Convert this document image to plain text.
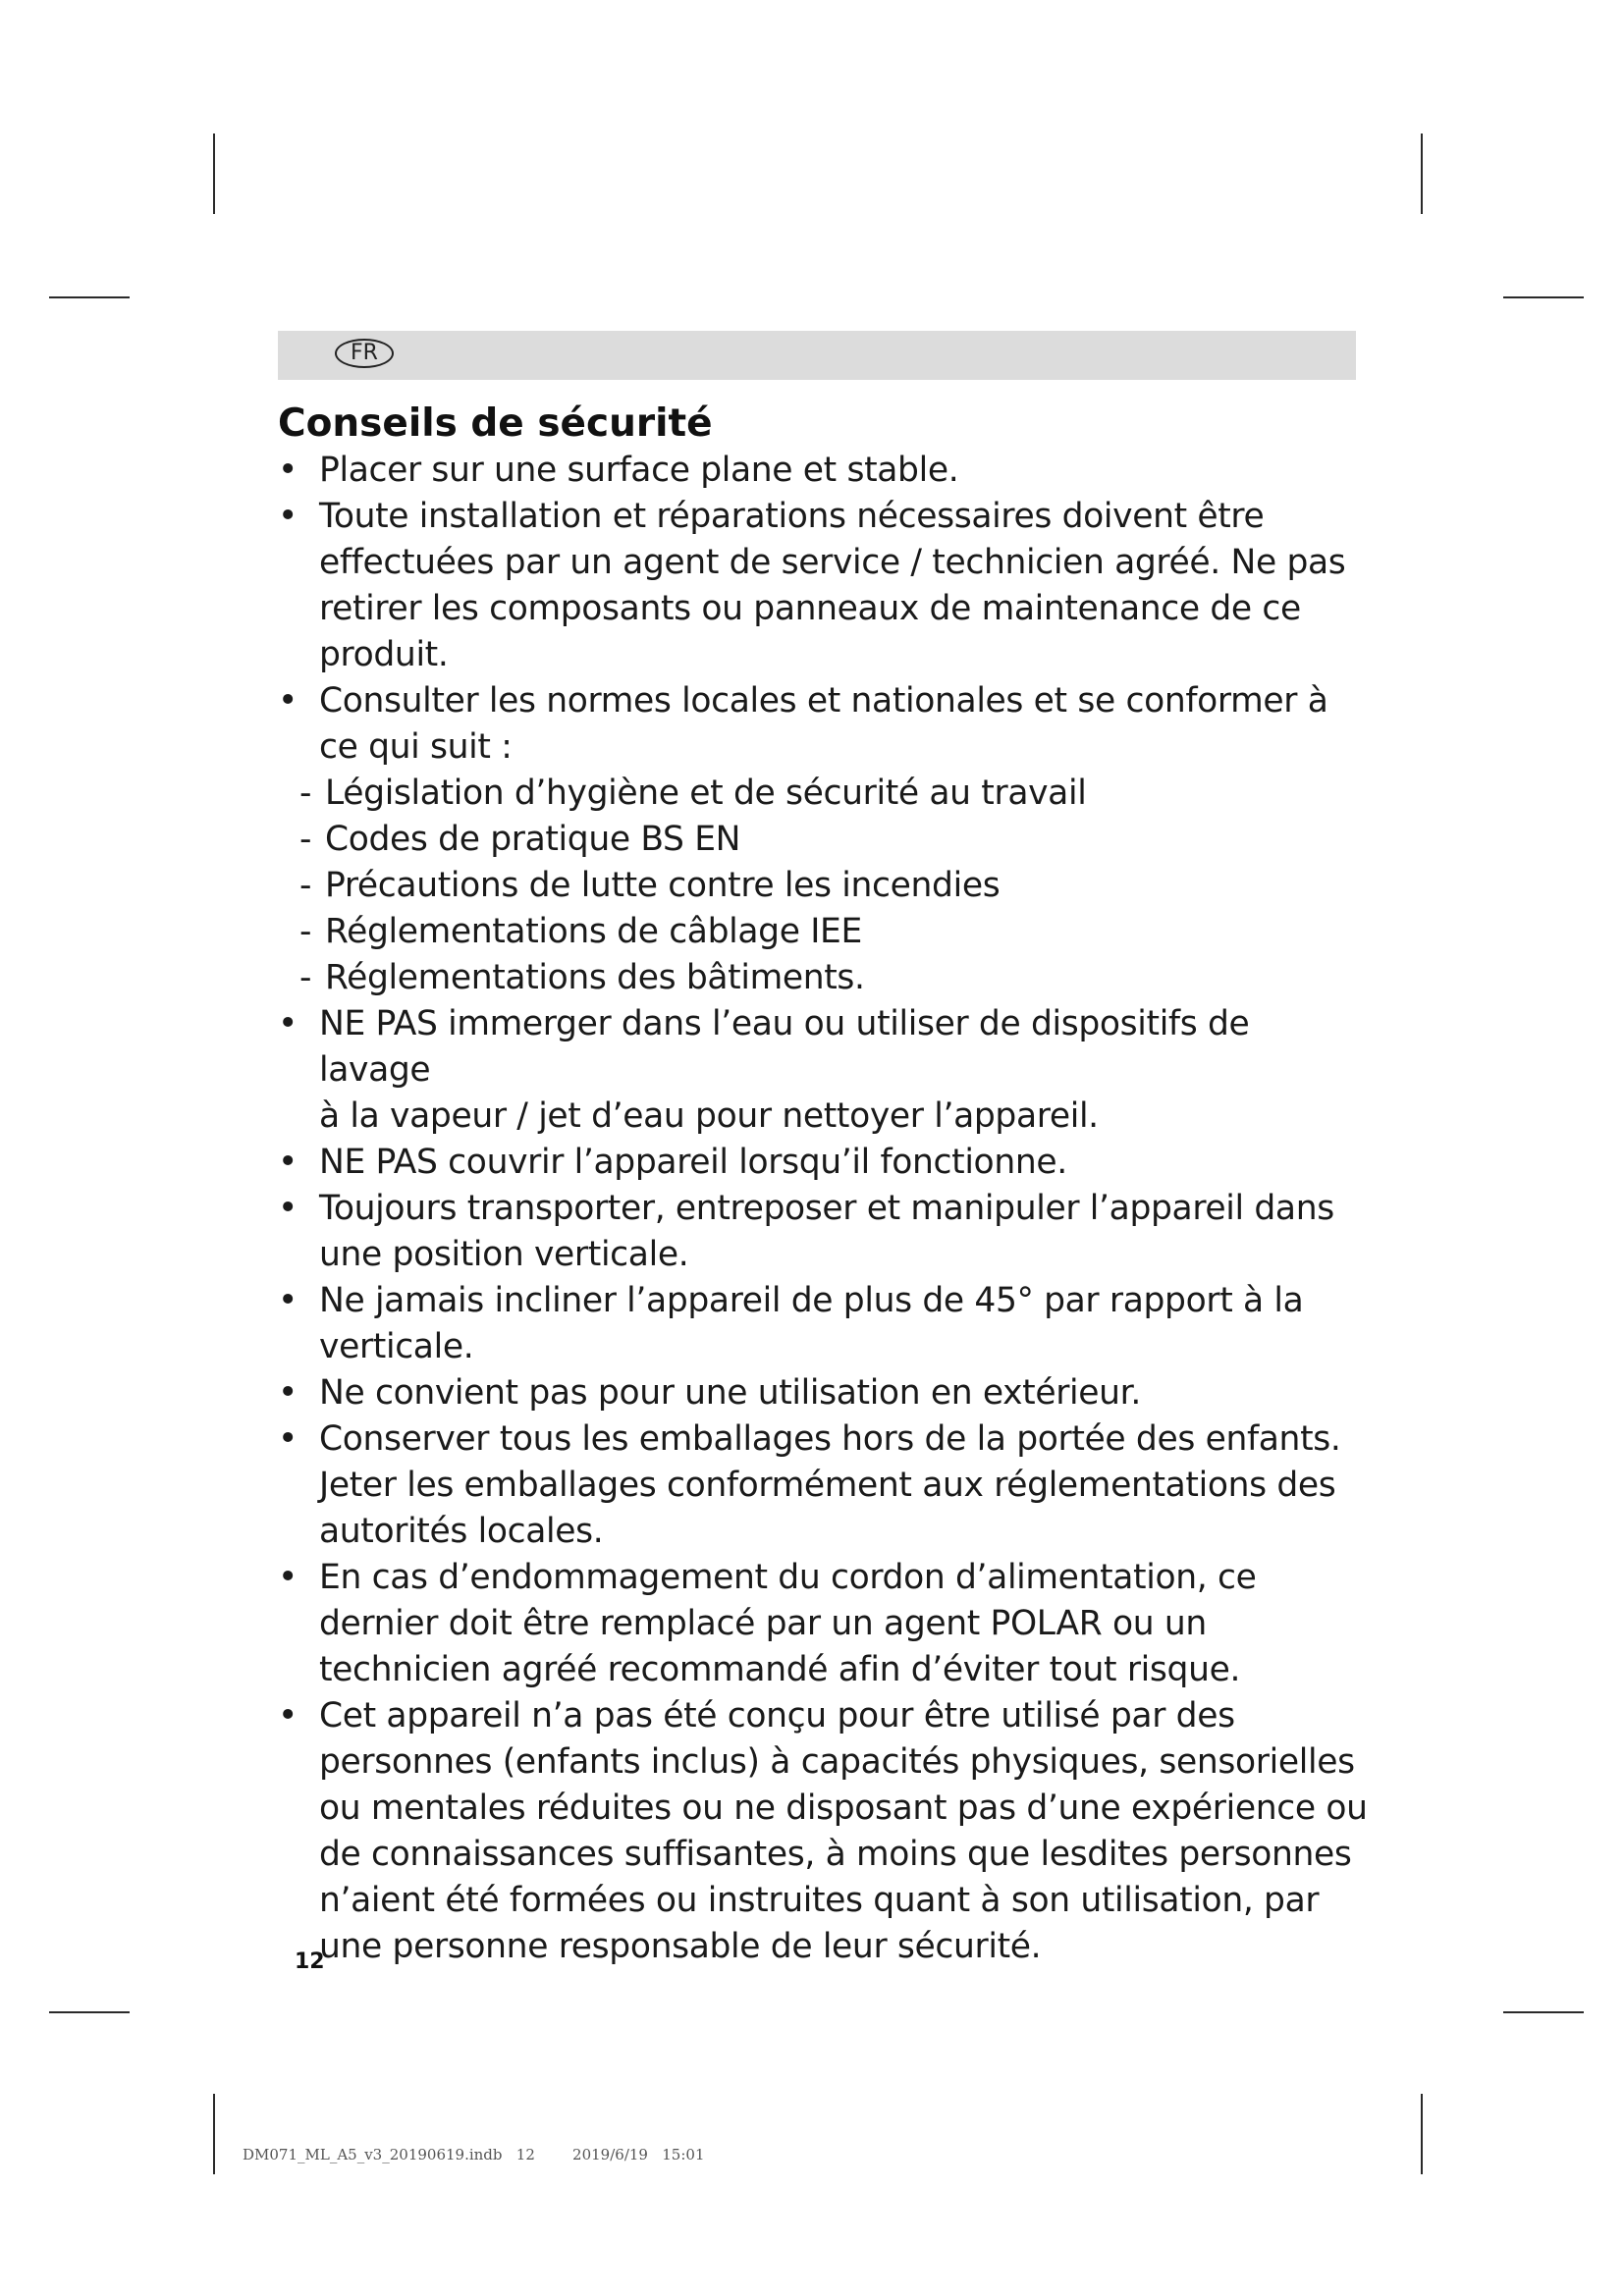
FR
Conseils de sécurité
• Placer sur une surface plane et stable.
• Toute installation et réparations nécessaires doivent être
effectuées par un agent de service / technicien agréé. Ne pas
retirer les composants ou panneaux de maintenance de ce
produit.
• Consulter les normes locales et nationales et se conformer à
ce qui suit :
- Législation d’hygiène et de sécurité au travail
- Codes de pratique BS EN
- Précautions de lutte contre les incendies
- Réglementations de câblage IEE
- Réglementations des bâtiments.
• NE PAS immerger dans l’eau ou utiliser de dispositifs de lavage
à la vapeur / jet d’eau pour nettoyer l’appareil.
• NE PAS couvrir l’appareil lorsqu’il fonctionne.
• Toujours transporter, entreposer et manipuler l’appareil dans
une position verticale.
• Ne jamais incliner l’appareil de plus de 45° par rapport à la
verticale.
• Ne convient pas pour une utilisation en extérieur.
• Conserver tous les emballages hors de la portée des enfants.
Jeter les emballages conformément aux réglementations des
autorités locales.
• En cas d’endommagement du cordon d’alimentation, ce
dernier doit être remplacé par un agent POLAR ou un
technicien agréé recommandé afin d’éviter tout risque.
• Cet appareil n’a pas été conçu pour être utilisé par des
personnes (enfants inclus) à capacités physiques, sensorielles
ou mentales réduites ou ne disposant pas d’une expérience ou
de connaissances suffisantes, à moins que lesdites personnes
n’aient été formées ou instruites quant à son utilisation, par
une personne responsable de leur sécurité.
12
DM071_ML_A5_v3_20190619.indb   12        2019/6/19   15:01
